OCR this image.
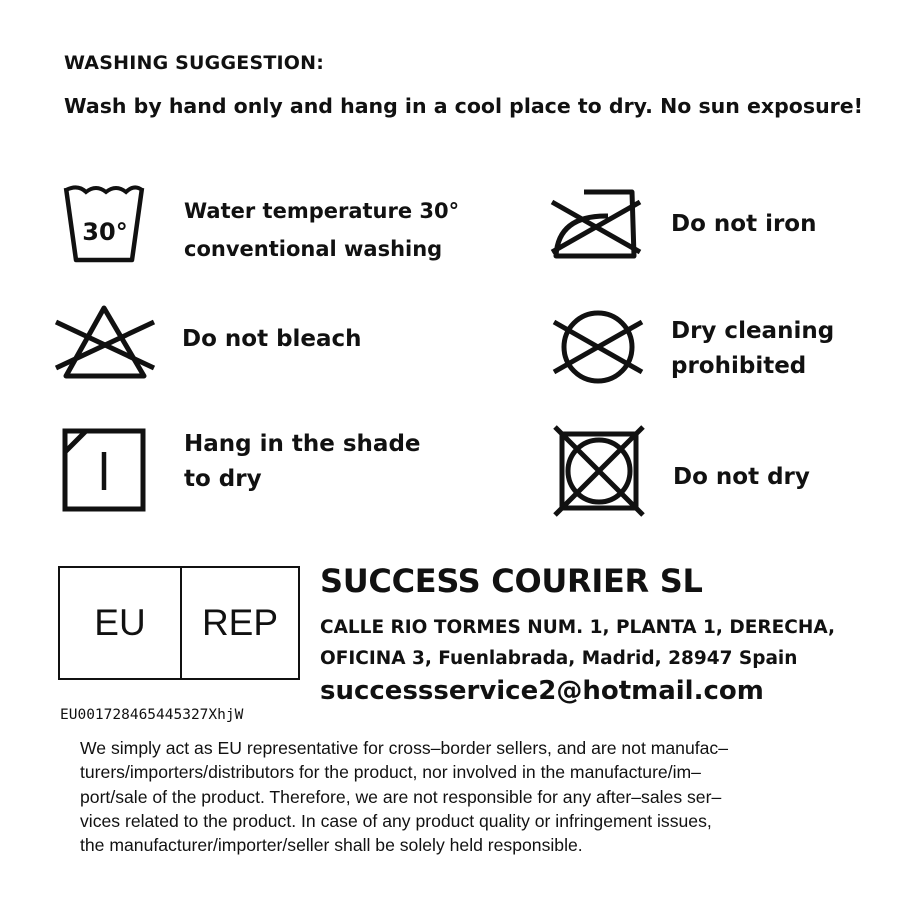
WASHING SUGGESTION:
Wash by hand only and hang in a cool place to dry. No sun exposure!
30°
Water temperature 30°
conventional washing
Do not iron
Do not bleach	Dry cleaning
prohibited
Hang in the shade
to dry	Do not dry
EU	REP
EU001728465445327XhjW
SUCCESS COURIER SL
CALLE RIO TORMES NUM. 1, PLANTA 1, DERECHA,
OFICINA 3, Fuenlabrada, Madrid, 28947 Spain
successservice2@hotmail.com
We simply act as EU representative for cross–border sellers, and are not manufac–
turers/importers/distributors for the product, nor involved in the manufacture/im–
port/sale of the product. Therefore, we are not responsible for any after–sales ser–
vices related to the product. In case of any product quality or infringement issues,
the manufacturer/importer/seller shall be solely held responsible.
